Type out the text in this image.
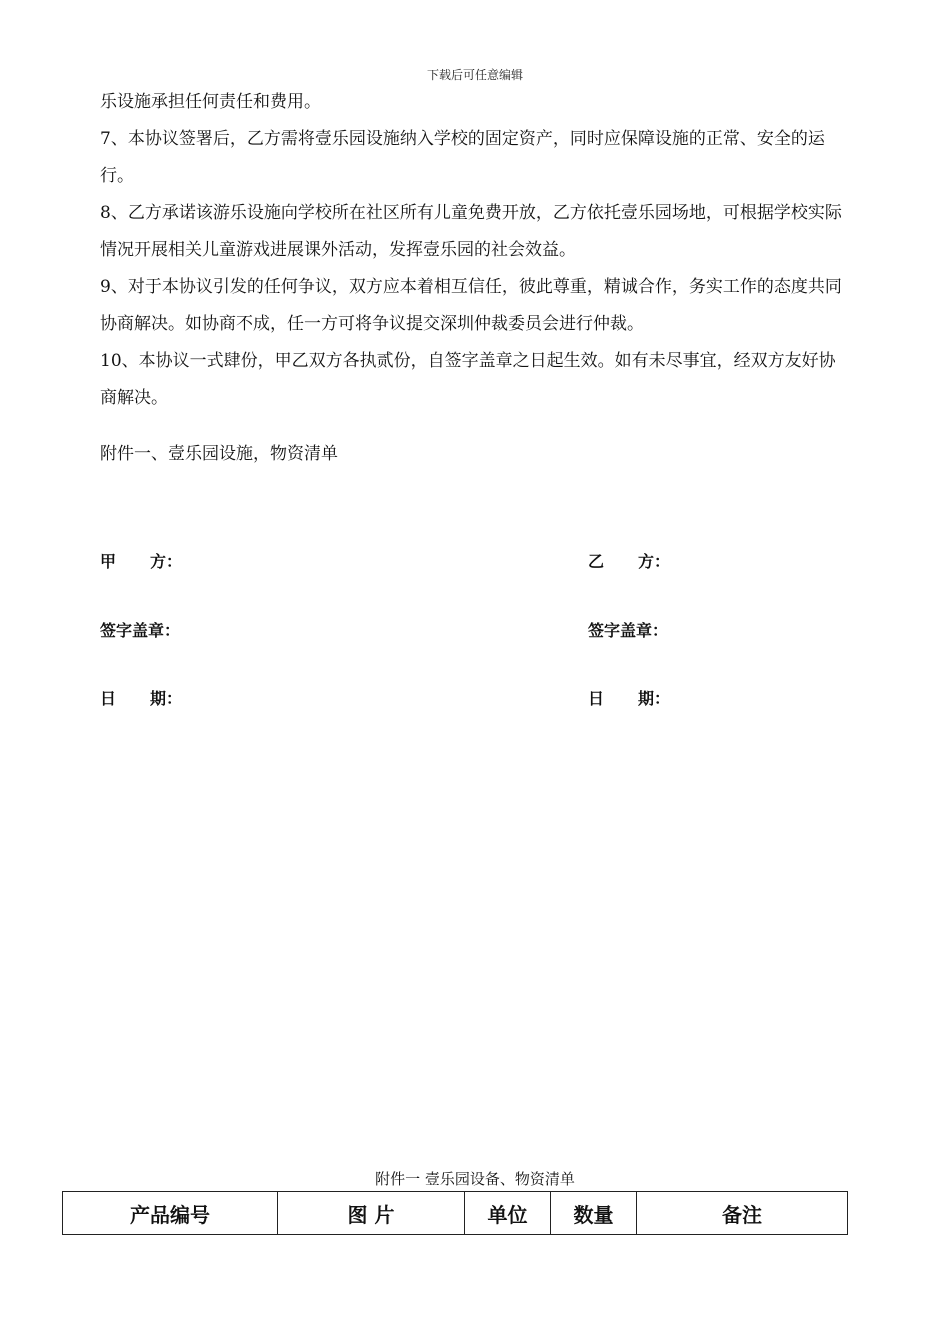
下载后可任意编辑

乐设施承担任何责任和费用。

7、本协议签署后，乙方需将壹乐园设施纳入学校的固定资产，同时应保障设施的正常、安全的运行。

8、乙方承诺该游乐设施向学校所在社区所有儿童免费开放，乙方依托壹乐园场地，可根据学校实际情况开展相关儿童游戏进展课外活动，发挥壹乐园的社会效益。

9、对于本协议引发的任何争议，双方应本着相互信任，彼此尊重，精诚合作，务实工作的态度共同协商解决。如协商不成，任一方可将争议提交深圳仲裁委员会进行仲裁。

10、本协议一式肆份，甲乙双方各执贰份，自签字盖章之日起生效。如有未尽事宜，经双方友好协商解决。

附件一、壹乐园设施，物资清单
甲 方：	乙 方：
签字盖章：	签字盖章：
日 期：	日 期：
附件一 壹乐园设备、物资清单
产品编号	图 片	单位	数量	备注
